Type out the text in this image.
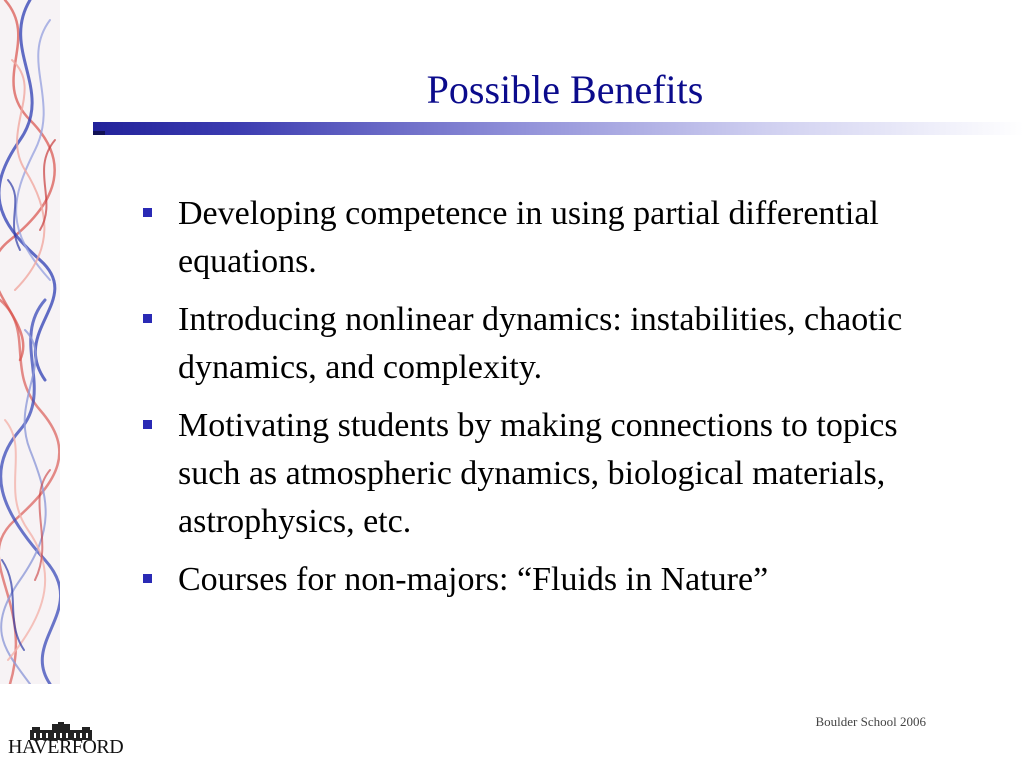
Possible Benefits
Developing competence in using partial differential equations.
Introducing nonlinear dynamics: instabilities, chaotic dynamics, and complexity.
Motivating students by making connections to topics such as atmospheric dynamics, biological materials, astrophysics, etc.
Courses for non-majors: “Fluids in Nature”
Boulder School 2006
HAVERFORD
